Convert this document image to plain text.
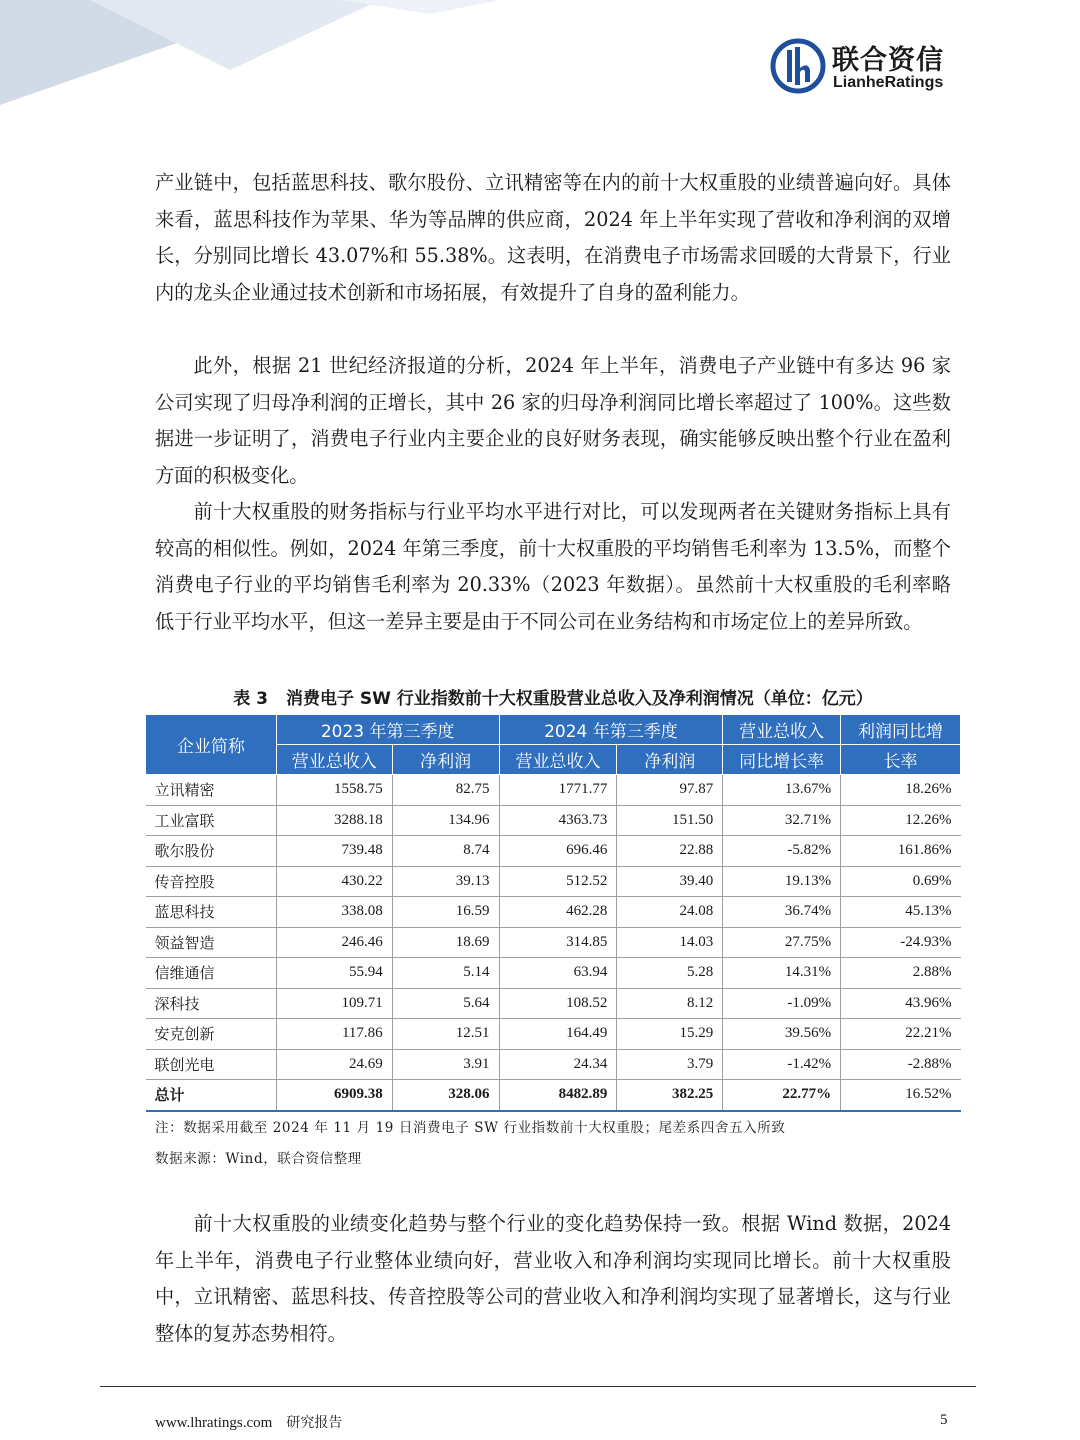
联合资信
LianheRatings

产业链中，包括蓝思科技、歌尔股份、立讯精密等在内的前十大权重股的业绩普遍向好。具体来看，蓝思科技作为苹果、华为等品牌的供应商，2024 年上半年实现了营收和净利润的双增长，分别同比增长 43.07%和 55.38%。这表明，在消费电子市场需求回暖的大背景下，行业内的龙头企业通过技术创新和市场拓展，有效提升了自身的盈利能力。

此外，根据 21 世纪经济报道的分析，2024 年上半年，消费电子产业链中有多达 96 家公司实现了归母净利润的正增长，其中 26 家的归母净利润同比增长率超过了 100%。这些数据进一步证明了，消费电子行业内主要企业的良好财务表现，确实能够反映出整个行业在盈利方面的积极变化。

前十大权重股的财务指标与行业平均水平进行对比，可以发现两者在关键财务指标上具有较高的相似性。例如，2024 年第三季度，前十大权重股的平均销售毛利率为 13.5%，而整个消费电子行业的平均销售毛利率为 20.33%（2023 年数据）。虽然前十大权重股的毛利率略低于行业平均水平，但这一差异主要是由于不同公司在业务结构和市场定位上的差异所致。

表 3 消费电子 SW 行业指数前十大权重股营业总收入及净利润情况（单位：亿元）
企业简称	2023 年第三季度		2024 年第三季度		营业总收入	利润同比增
	营业总收入	净利润	营业总收入	净利润	同比增长率	长率
立讯精密	1558.75	82.75	1771.77	97.87	13.67%	18.26%
工业富联	3288.18	134.96	4363.73	151.50	32.71%	12.26%
歌尔股份	739.48	8.74	696.46	22.88	-5.82%	161.86%
传音控股	430.22	39.13	512.52	39.40	19.13%	0.69%
蓝思科技	338.08	16.59	462.28	24.08	36.74%	45.13%
领益智造	246.46	18.69	314.85	14.03	27.75%	-24.93%
信维通信	55.94	5.14	63.94	5.28	14.31%	2.88%
深科技	109.71	5.64	108.52	8.12	-1.09%	43.96%
安克创新	117.86	12.51	164.49	15.29	39.56%	22.21%
联创光电	24.69	3.91	24.34	3.79	-1.42%	-2.88%
总计	6909.38	328.06	8482.89	382.25	22.77%	16.52%
注：数据采用截至 2024 年 11 月 19 日消费电子 SW 行业指数前十大权重股；尾差系四舍五入所致
数据来源：Wind，联合资信整理

前十大权重股的业绩变化趋势与整个行业的变化趋势保持一致。根据 Wind 数据，2024 年上半年，消费电子行业整体业绩向好，营业收入和净利润均实现同比增长。前十大权重股中，立讯精密、蓝思科技、传音控股等公司的营业收入和净利润均实现了显著增长，这与行业整体的复苏态势相符。

www.lhratings.com 研究报告	5
